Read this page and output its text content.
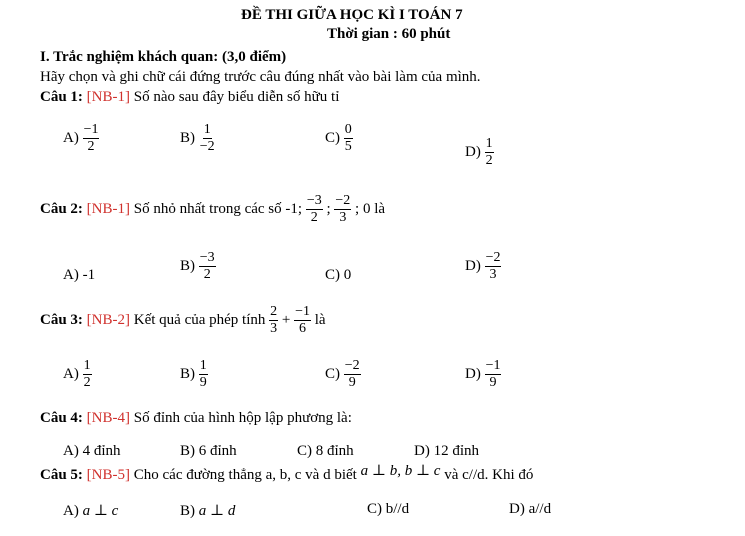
ĐỀ THI GIỮA HỌC KÌ I TOÁN 7
Thời gian : 60 phút
I. Trắc nghiệm khách quan: (3,0 điểm)
Hãy chọn và ghi chữ cái đứng trước câu đúng nhất vào bài làm của mình.
Câu 1: [NB-1] Số nào sau đây biểu diễn số hữu tỉ
$A) \frac{-1}{2}$	$B) \frac{1}{-2}$	$C) \frac{0}{5}$	$D) \frac{1}{2}$
Câu 2: [NB-1] Số nhỏ nhất trong các số -1; $\frac{-3}{2}$ ; $\frac{-2}{3}$ ; 0 là
A) -1
$B) \frac{-3}{2}$	C) 0
$D) \frac{-2}{3}$
Câu 3: [NB-2] Kết quả của phép tính $\frac{2}{3} + \frac{-1}{6}$ là
$A) \frac{1}{2}$	$B) \frac{1}{9}$	$C) \frac{-2}{9}$	$D) \frac{-1}{9}$
Câu 4: [NB-4] Số đỉnh của hình hộp lập phương là:
A) 4 đỉnh	B) 6 đỉnh	C) 8 đỉnh	D) 12 đỉnh
Câu 5: [NB-5] Cho các đường thẳng a, b, c và d biết a ⊥ b, b ⊥ c và c//d. Khi đó
A) a ⊥ c	B) a ⊥ d	C) b//d	D) a//d
